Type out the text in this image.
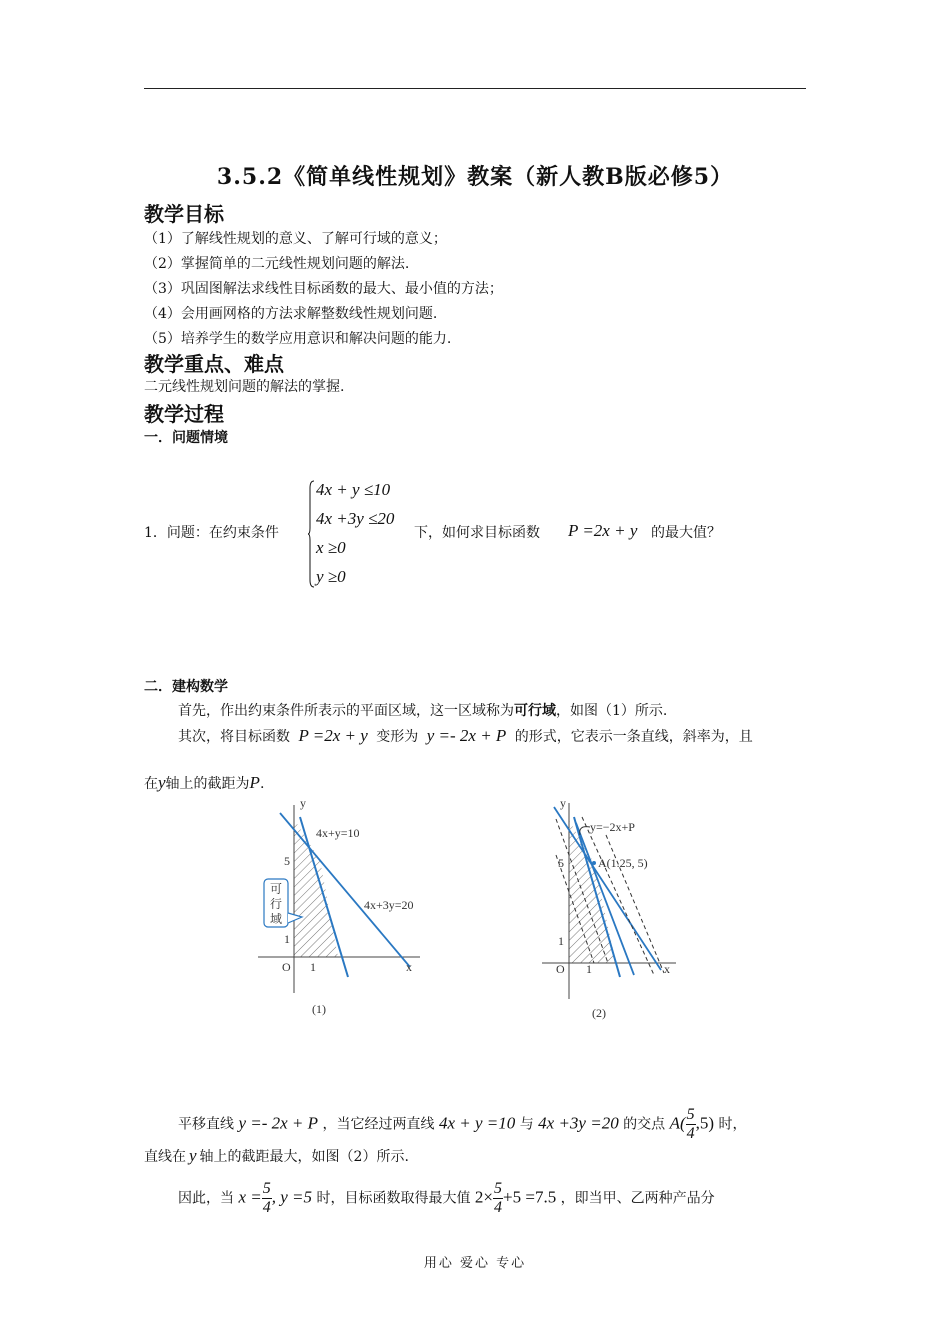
3.5.2《简单线性规划》教案（新人教B版必修5）
教学目标
（1）了解线性规划的意义、了解可行域的意义；
（2）掌握简单的二元线性规划问题的解法.
（3）巩固图解法求线性目标函数的最大、最小值的方法；
（4）会用画网格的方法求解整数线性规划问题.
（5）培养学生的数学应用意识和解决问题的能力.
教学重点、难点
二元线性规划问题的解法的掌握.
教学过程
一．问题情境
1．问题：在约束条件
4x + y ≤10
4x +3y ≤20
x ≥0
y ≥0
下，如何求目标函数 P =2x + y 的最大值？
二．建构数学
首先，作出约束条件所表示的平面区域，这一区域称为可行域，如图（1）所示.
其次，将目标函数 P =2x + y 变形为 y =- 2x + P 的形式，它表示一条直线，斜率为，且
在y轴上的截距为P.
y
x
O 1
1
5
4x+y=10
4x+3y=20
可
行
域
(1)
y
x
O 1
1
5
y=−2x+P
A(1.25, 5)
(2)
平移直线 y =- 2x + P ，当它经过两直线 4x + y =10 与 4x +3y =20 的交点 $A( \frac{5}{4} ,5)$ 时，
直线在 y 轴上的截距最大，如图（2）所示.
因此，当 $x = \frac{5}{4}$ , y =5 时，目标函数取得最大值 $2\times \frac{5}{4} +5 =7.5$ ，即当甲、乙两种产品分
用心 爱心 专心
